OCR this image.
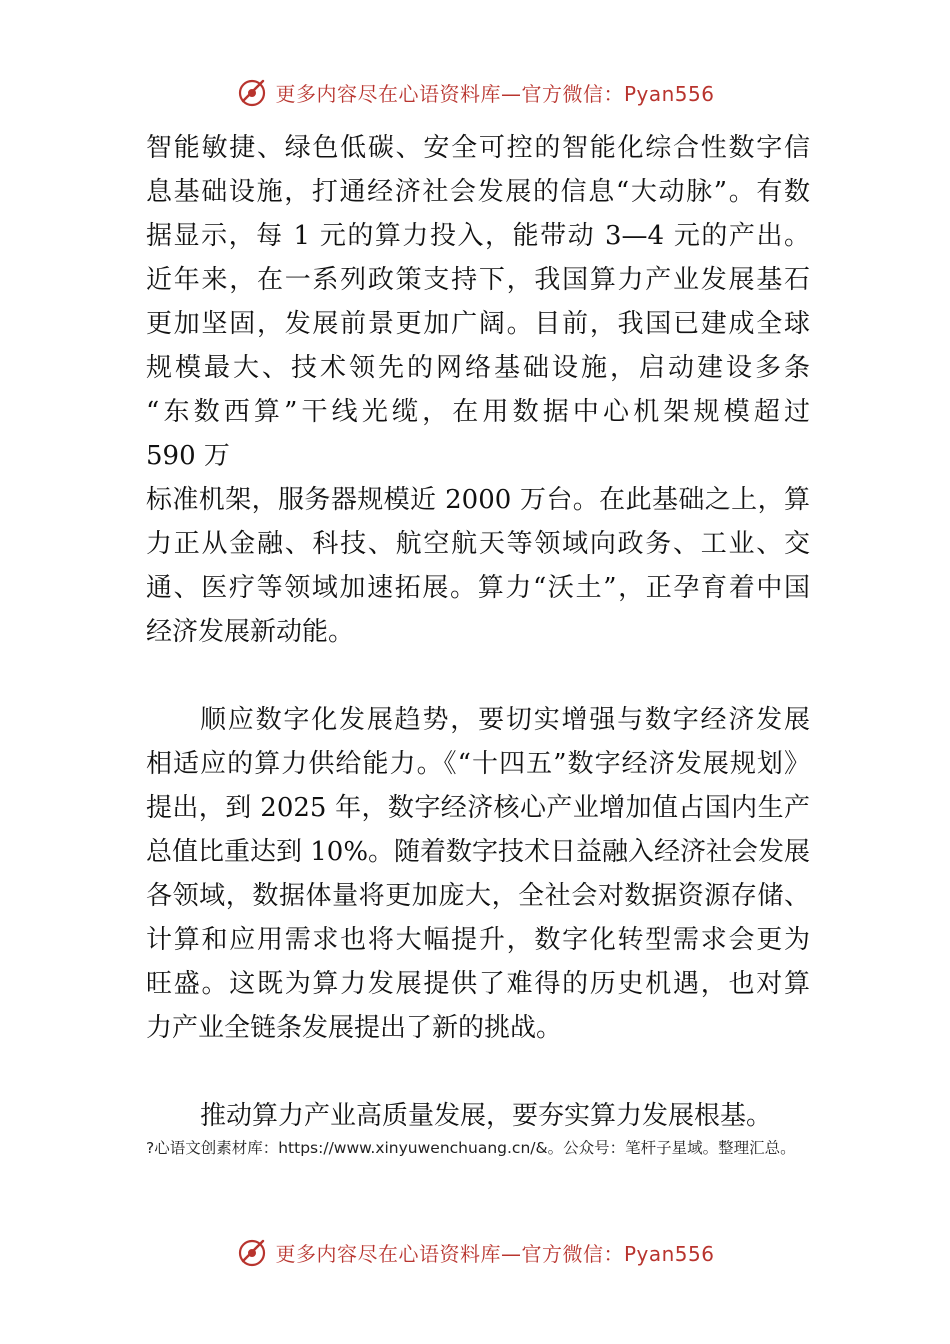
更多内容尽在心语资料库—官方微信：Pyan556
智能敏捷、绿色低碳、安全可控的智能化综合性数字信
息基础设施，打通经济社会发展的信息“大动脉”。有数
据显示，每 1 元的算力投入，能带动 3—4 元的产出。
近年来，在一系列政策支持下，我国算力产业发展基石
更加坚固，发展前景更加广阔。目前，我国已建成全球
规模最大、技术领先的网络基础设施，启动建设多条
“东数西算”干线光缆，在用数据中心机架规模超过
590 万
标准机架，服务器规模近 2000 万台。在此基础之上，算
力正从金融、科技、航空航天等领域向政务、工业、交
通、医疗等领域加速拓展。算力“沃土”，正孕育着中国
经济发展新动能。
顺应数字化发展趋势，要切实增强与数字经济发展
相适应的算力供给能力。《“十四五”数字经济发展规划》
提出，到 2025 年，数字经济核心产业增加值占国内生产
总值比重达到 10%。随着数字技术日益融入经济社会发展
各领域，数据体量将更加庞大，全社会对数据资源存储、
计算和应用需求也将大幅提升，数字化转型需求会更为
旺盛。这既为算力发展提供了难得的历史机遇，也对算
力产业全链条发展提出了新的挑战。
推动算力产业高质量发展，要夯实算力发展根基。
?心语文创素材库：https://www.xinyuwenchuang.cn/&。公众号：笔杆子星域。整理汇总。
更多内容尽在心语资料库—官方微信：Pyan556
